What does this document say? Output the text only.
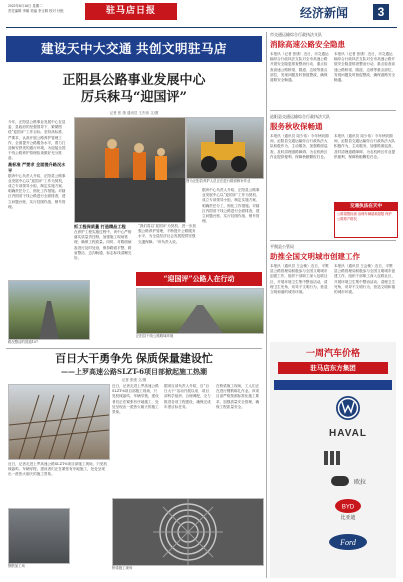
2022年8月16日 星期二
责任编辑 李娜 美编 李玉鹤 校对 付艳	驻马店日报	经济新闻	3
建设天中大交通 共创文明驻马店
正阳县公路事业发展中心
厉兵秣马“迎国评”
记者 张 康 通讯员 王杰伟 文/图
今年，正阳县公路事业发展中心在县委、县政府的坚强领导下，紧紧围绕“迎国评”工作目标，坚持高标准、严要求，认真开展公路养护管理工作，全面提升公路服务水平，着力打造畅安舒美的通行环境，为迎接全国干线公路养护管理检查做好充分准备。
高标准 严要求 全面提升路况水平
据该中心负责人介绍，正阳县公路事业发展中心以“迎国评”工作为契机，成立专项领导小组，制定实施方案，明确责任分工，细化工作措施。对辖区内国省干线公路进行全面排查，建立问题台账，实行挂图作战、销号管理。
图为正阳县养护人员正在进行路面修补作业
抓工程保质量 打造精品工程
在养护工程实施过程中，该中心严格落实质量责任制，加强施工现场管理，确保工程质量。同时，对路面病害进行及时处治，保持路面平整、路肩整洁、边沟畅通、标志标线清晰完好。
“我们将以‘迎国评’为契机，进一步加强公路养护管理，不断提升公路服务水平，为全县经济社会发展提供坚强交通保障。”该负责人说。
据该中心负责人介绍，正阳县公路事业发展中心以“迎国评”工作为契机，成立专项领导小组，制定实施方案，明确责任分工，细化工作措施。对辖区内国省干线公路进行全面排查，建立问题台账，实行挂图作战、销号管理。
“迎国评”公路人在行动
路况整洁的国道107
正阳县干线公路路域环境
百日大干勇争先 保质保量建设忙
——上罗高速公路SLZT-6项目部掀起施工热潮
记者 张康 文/图
近日，记者走进上罗高速公路SLZT-6项目部施工现场，只见机械轰鸣、车辆穿梭，建设者们正在紧张有序地施工，处处呈现出一派热火朝天的施工景象。
据项目部负责人介绍，自“百日大干”活动开展以来，项目部科学组织、合理调配，全力推进各项工程建设，确保完成年度目标任务。
在桥梁施工现场，工人们正在进行钢筋绑扎作业。该项目部严格按照标准化施工要求，加强质量安全管理，确保工程质量安全。
近日，记者走进上罗高速公路SLZT-6项目部施工现场，只见机械轰鸣、车辆穿梭，建设者们正在紧张有序地施工，处处呈现出一派热火朝天的施工景象。
钢筋加工场	桥梁施工现场
市交通运输综合行政执法支队
消除高速公路安全隐患
本报讯（记者 张康）近日，市交通运输综合行政执法支队对全市高速公路开展安全隐患排查整治行动，重点检查高速公路桥梁、隧道、边坡等重点部位，发现问题及时督促整改，确保道路安全畅通。
本报讯（记者 张康）近日，市交通运输综合行政执法支队对全市高速公路开展安全隐患排查整治行动，重点检查高速公路桥梁、隧道、边坡等重点部位，发现问题及时督促整改，确保道路安全畅通。
泌阳县交通运输综合行政执法大队
服务秋收保畅通
本报讯（通讯员 周少伟）今年秋收期间，泌阳县交通运输综合行政执法大队积极作为，主动服务，加强路面巡查，及时清理道路障碍，为农机跨区作业提供便利，保障秋粮颗粒归仓。
本报讯（通讯员 周少伟）今年秋收期间，泌阳县交通运输综合行政执法大队积极作为，主动服务，加强路面巡查，及时清理道路障碍，为农机跨区作业提供便利，保障秋粮颗粒归仓。
交通执法在天中
公路超限检测 治理车辆超载超限 保护公路路产路权
平舆县公管局
助推全国文明城市创建工作
本报讯（通讯员 王会敏）近日，平舆县公路管理局积极参与全国文明城市创建工作，组织干部职工深入包联社区，开展环境卫生集中整治活动，清理卫生死角，劝导不文明行为，营造文明和谐的城市环境。
本报讯（通讯员 王会敏）近日，平舆县公路管理局积极参与全国文明城市创建工作，组织干部职工深入包联社区，开展环境卫生集中整治活动，清理卫生死角，劝导不文明行为，营造文明和谐的城市环境。
一周汽车价格
驻马店东方集团
HAVAL
欧拉
BYD
比亚迪
Ford
